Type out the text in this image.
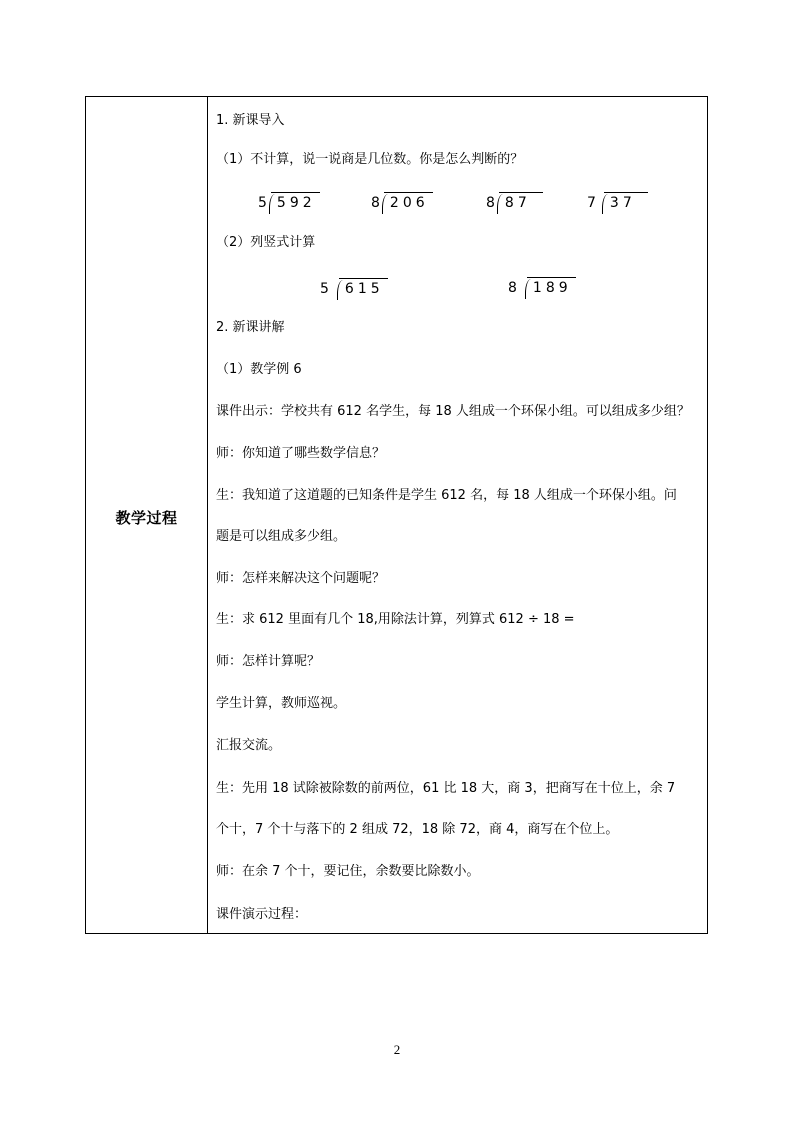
教学过程
1. 新课导入
（1）不计算，说一说商是几位数。你是怎么判断的？
5 592	8 206	8 87	7	37
（2）列竖式计算
5	615	8	189
2. 新课讲解
（1）教学例 6
课件出示：学校共有 612 名学生，每 18 人组成一个环保小组。可以组成多少组？
师：你知道了哪些数学信息？
生：我知道了这道题的已知条件是学生 612 名，每 18 人组成一个环保小组。问
题是可以组成多少组。
师：怎样来解决这个问题呢？
生：求 612 里面有几个 18,用除法计算，列算式 612 ÷ 18 =
师：怎样计算呢？
学生计算，教师巡视。
汇报交流。
生：先用 18 试除被除数的前两位，61 比 18 大，商 3，把商写在十位上，余 7
个十，7 个十与落下的 2 组成 72，18 除 72，商 4，商写在个位上。
师：在余 7 个十，要记住，余数要比除数小。
课件演示过程：
2
